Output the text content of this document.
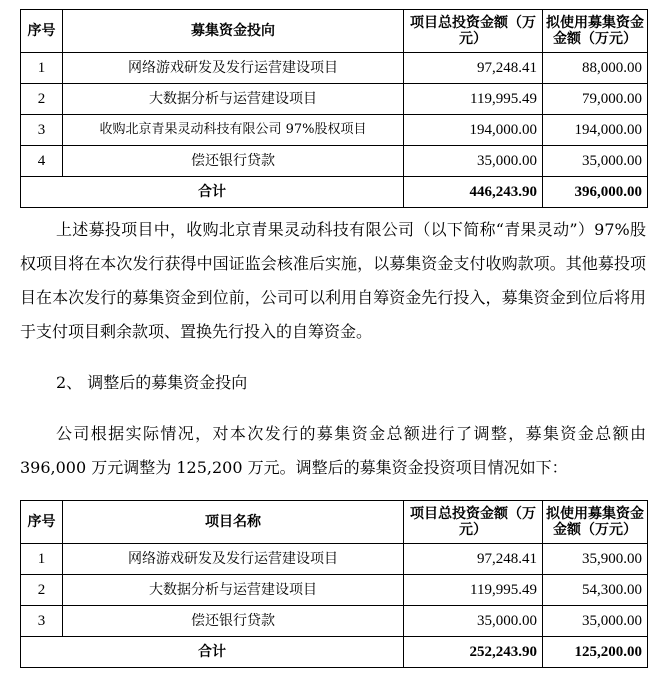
序号	募集资金投向	项目总投资金额（万元）	拟使用募集资金金额（万元）
1	网络游戏研发及发行运营建设项目	97,248.41	88,000.00
2	大数据分析与运营建设项目	119,995.49	79,000.00
3	收购北京青果灵动科技有限公司 97%股权项目	194,000.00	194,000.00
4	偿还银行贷款	35,000.00	35,000.00
合计		446,243.90	396,000.00

上述募投项目中，收购北京青果灵动科技有限公司（以下简称“青果灵动”）97%股权项目将在本次发行获得中国证监会核准后实施，以募集资金支付收购款项。其他募投项目在本次发行的募集资金到位前，公司可以利用自筹资金先行投入，募集资金到位后将用于支付项目剩余款项、置换先行投入的自筹资金。

2、 调整后的募集资金投向

公司根据实际情况，对本次发行的募集资金总额进行了调整，募集资金总额由 396,000 万元调整为 125,200 万元。调整后的募集资金投资项目情况如下：

序号	项目名称	项目总投资金额（万元）	拟使用募集资金金额（万元）
1	网络游戏研发及发行运营建设项目	97,248.41	35,900.00
2	大数据分析与运营建设项目	119,995.49	54,300.00
3	偿还银行贷款	35,000.00	35,000.00
合计		252,243.90	125,200.00
